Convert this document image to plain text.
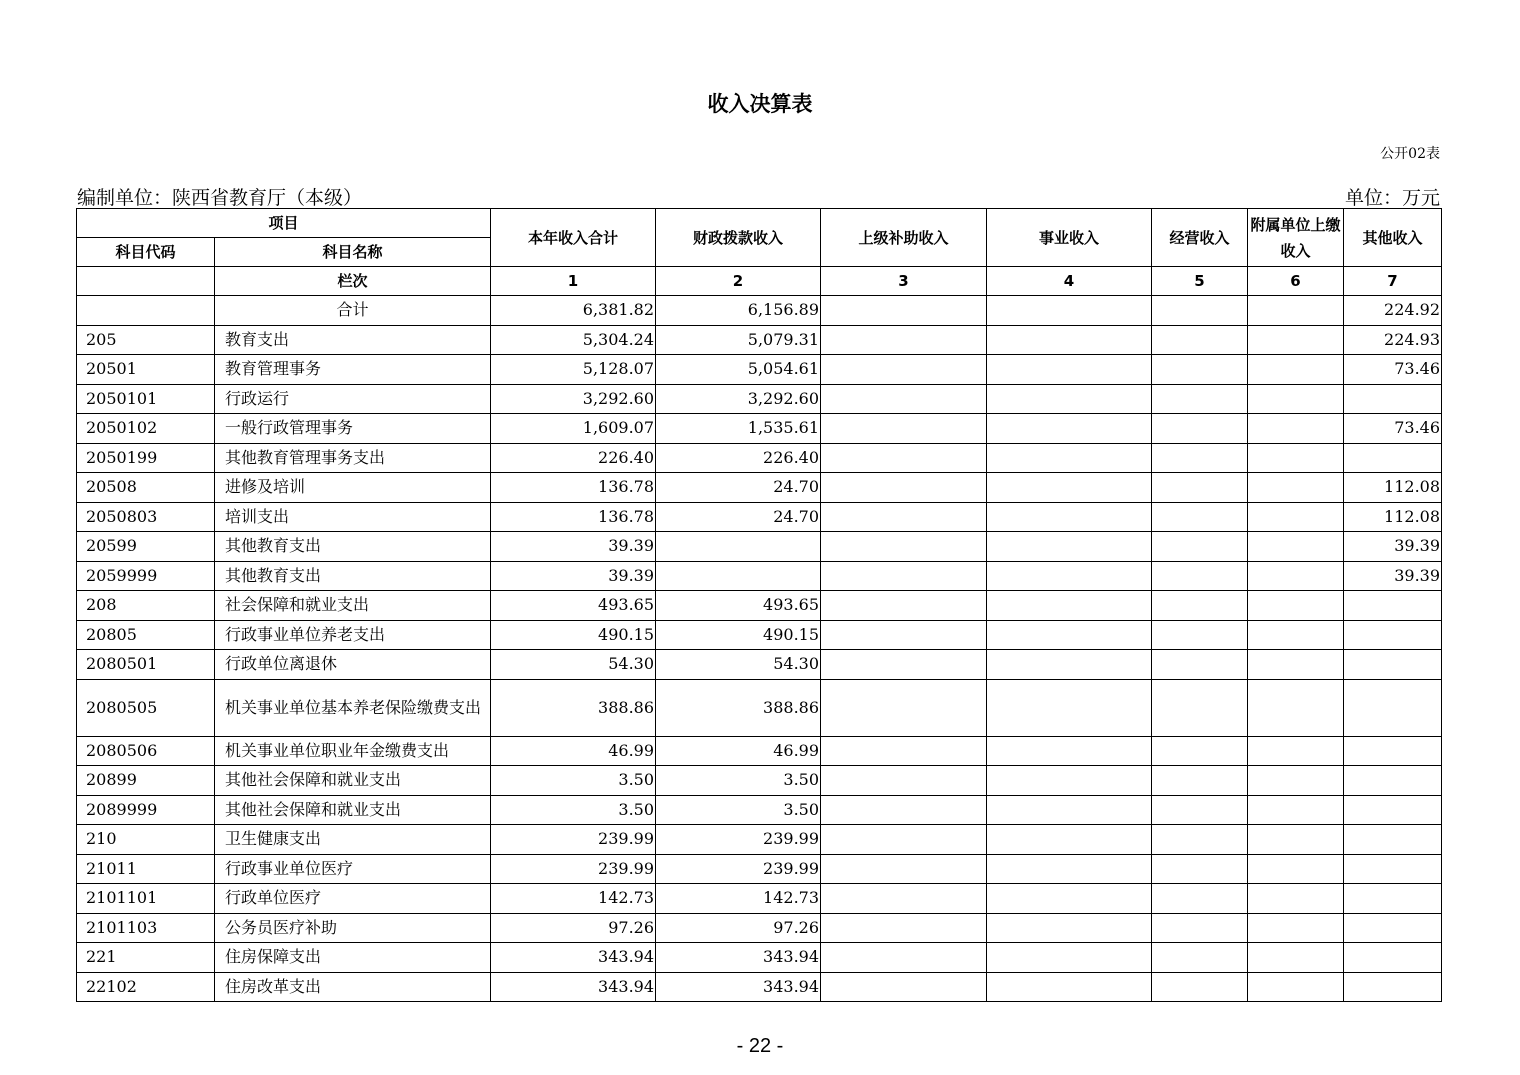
收入决算表
公开02表
编制单位：陕西省教育厅（本级）	单位：万元
项目		本年收入合计	财政拨款收入	上级补助收入	事业收入	经营收入	附属单位上缴收入	其他收入
科目代码	科目名称							
	栏次	1	2	3	4	5	6	7
	合计	6,381.82	6,156.89					224.92
205	教育支出	5,304.24	5,079.31					224.93
20501	教育管理事务	5,128.07	5,054.61					73.46
2050101	行政运行	3,292.60	3,292.60					
2050102	一般行政管理事务	1,609.07	1,535.61					73.46
2050199	其他教育管理事务支出	226.40	226.40					
20508	进修及培训	136.78	24.70					112.08
2050803	培训支出	136.78	24.70					112.08
20599	其他教育支出	39.39						39.39
2059999	其他教育支出	39.39						39.39
208	社会保障和就业支出	493.65	493.65					
20805	行政事业单位养老支出	490.15	490.15					
2080501	行政单位离退休	54.30	54.30					
2080505	机关事业单位基本养老保险缴费支出	388.86	388.86					
2080506	机关事业单位职业年金缴费支出	46.99	46.99					
20899	其他社会保障和就业支出	3.50	3.50					
2089999	其他社会保障和就业支出	3.50	3.50					
210	卫生健康支出	239.99	239.99					
21011	行政事业单位医疗	239.99	239.99					
2101101	行政单位医疗	142.73	142.73					
2101103	公务员医疗补助	97.26	97.26					
221	住房保障支出	343.94	343.94					
22102	住房改革支出	343.94	343.94					
- 22 -
